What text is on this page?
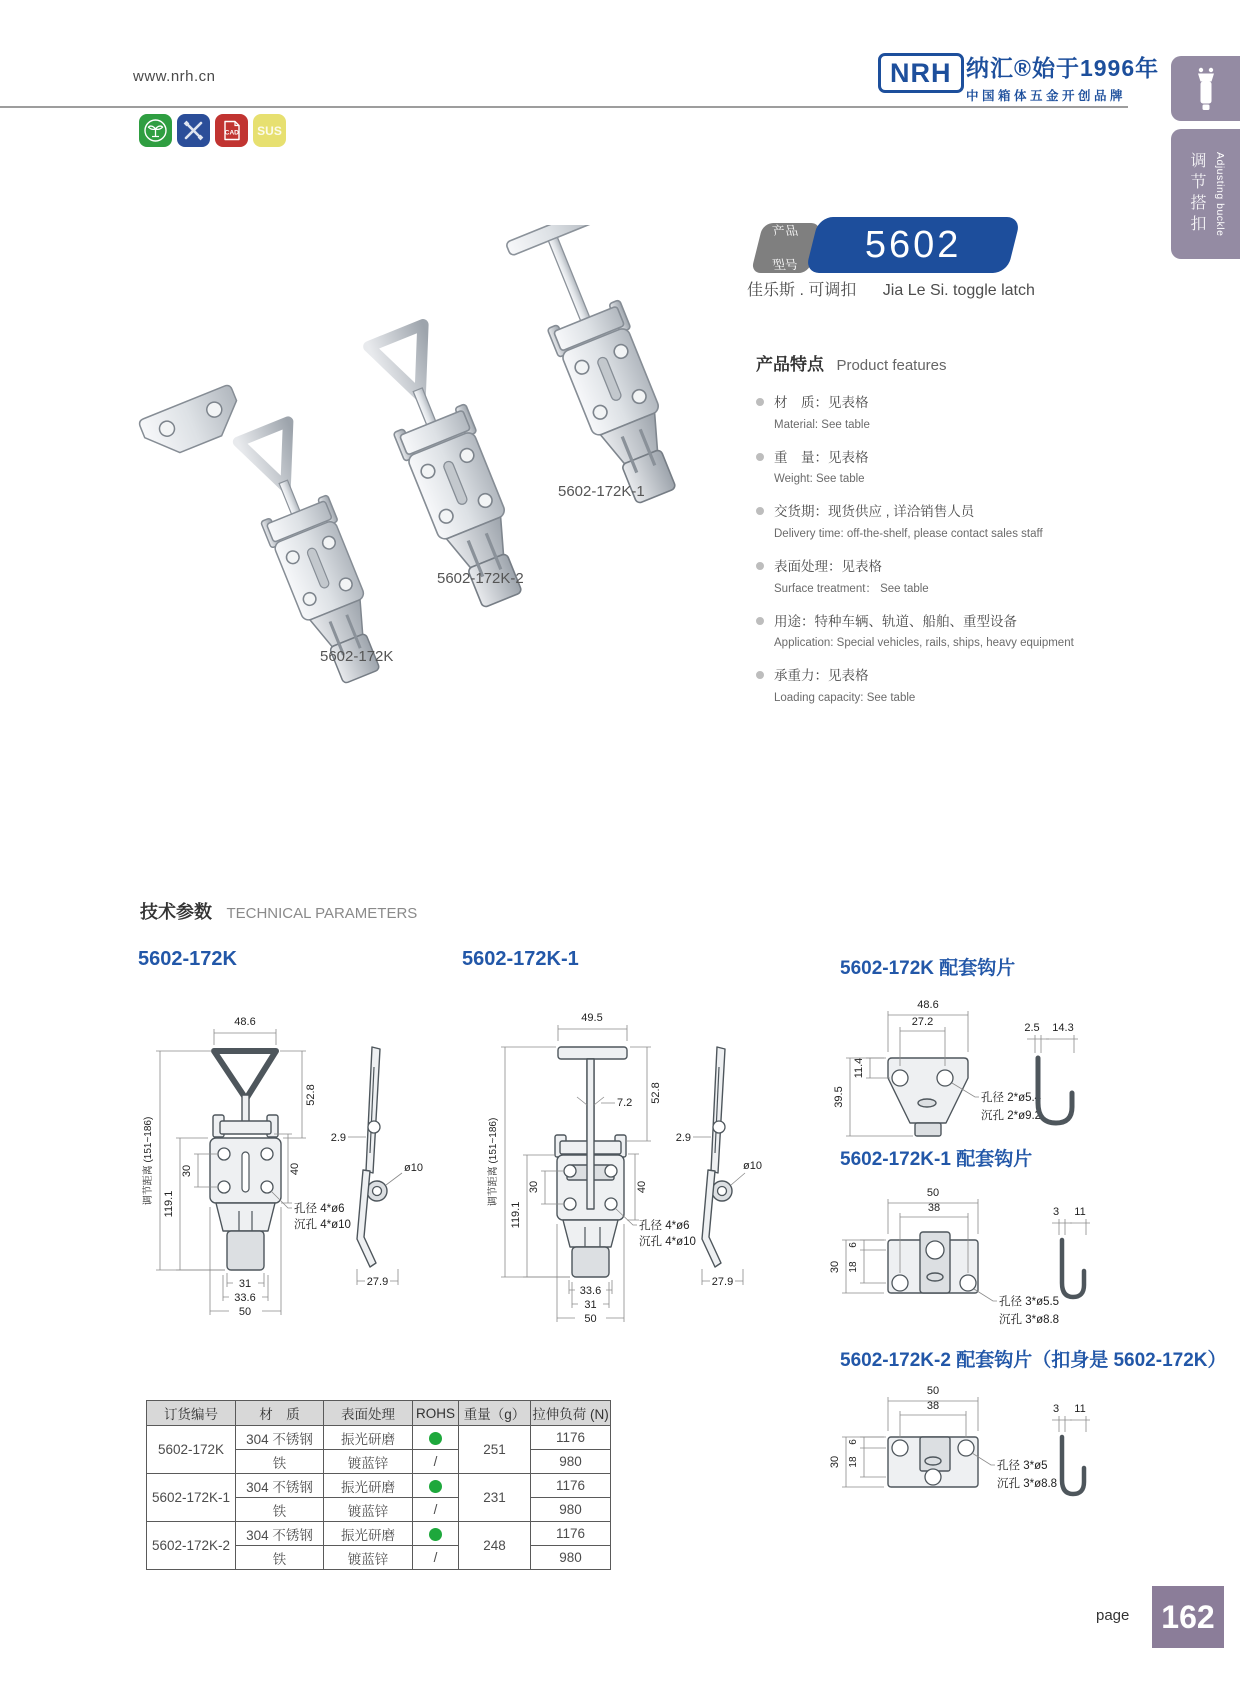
www.nrh.cn	NRH 纳汇®始于1996年
中国箱体五金开创品牌
CAD SUS
调节搭扣 Adjusting buckle
产品

型号 5602
佳乐斯 . 可调扣 Jia Le Si. toggle latch
5602-172K-1
5602-172K-2
5602-172K
产品特点 Product features
材　质：见表格
Material: See table
重　量：见表格
Weight: See table
交货期：现货供应 , 详洽销售人员
Delivery time: off-the-shelf, please contact sales staff
表面处理：见表格
Surface treatment： See table
用途：特种车辆、轨道、船舶、重型设备
Application: Special vehicles, rails, ships, heavy equipment
承重力：见表格
Loading capacity: See table
技术参数 TECHNICAL PARAMETERS
5602-172K	5602-172K-1	5602-172K 配套钩片
5602-172K-1 配套钩片
5602-172K-2 配套钩片（扣身是 5602-172K）
48.6
52.8
40
30
119.1
调节距离 (151~186)
31
33.6
50
孔径 4*ø6
沉孔 4*ø10
2.9
ø10
27.9
49.5
7.2 52.8
40
30
119.1
调节距离 (151~186)
33.6
31
50
孔径 4*ø6
沉孔 4*ø10
2.9
ø10
27.9
48.6
27.2
11.4
39.5	孔径 2*ø5.4
沉孔 2*ø9.2
2.5 14.3
50
38
6
18
30
孔径 3*ø5.5
沉孔 3*ø8.8
3 11
50
38
6
18
30	孔径 3*ø5
沉孔 3*ø8.8
3 11
订货编号	材　质	表面处理	ROHS	重量（g）	拉伸负荷 (N)
5602-172K	304 不锈钢	振光研磨		251	1176
	铁	镀蓝锌	/		980
5602-172K-1	304 不锈钢	振光研磨		231	1176
	铁	镀蓝锌	/		980
5602-172K-2	304 不锈钢	振光研磨		248	1176
	铁	镀蓝锌	/		980
page 162
